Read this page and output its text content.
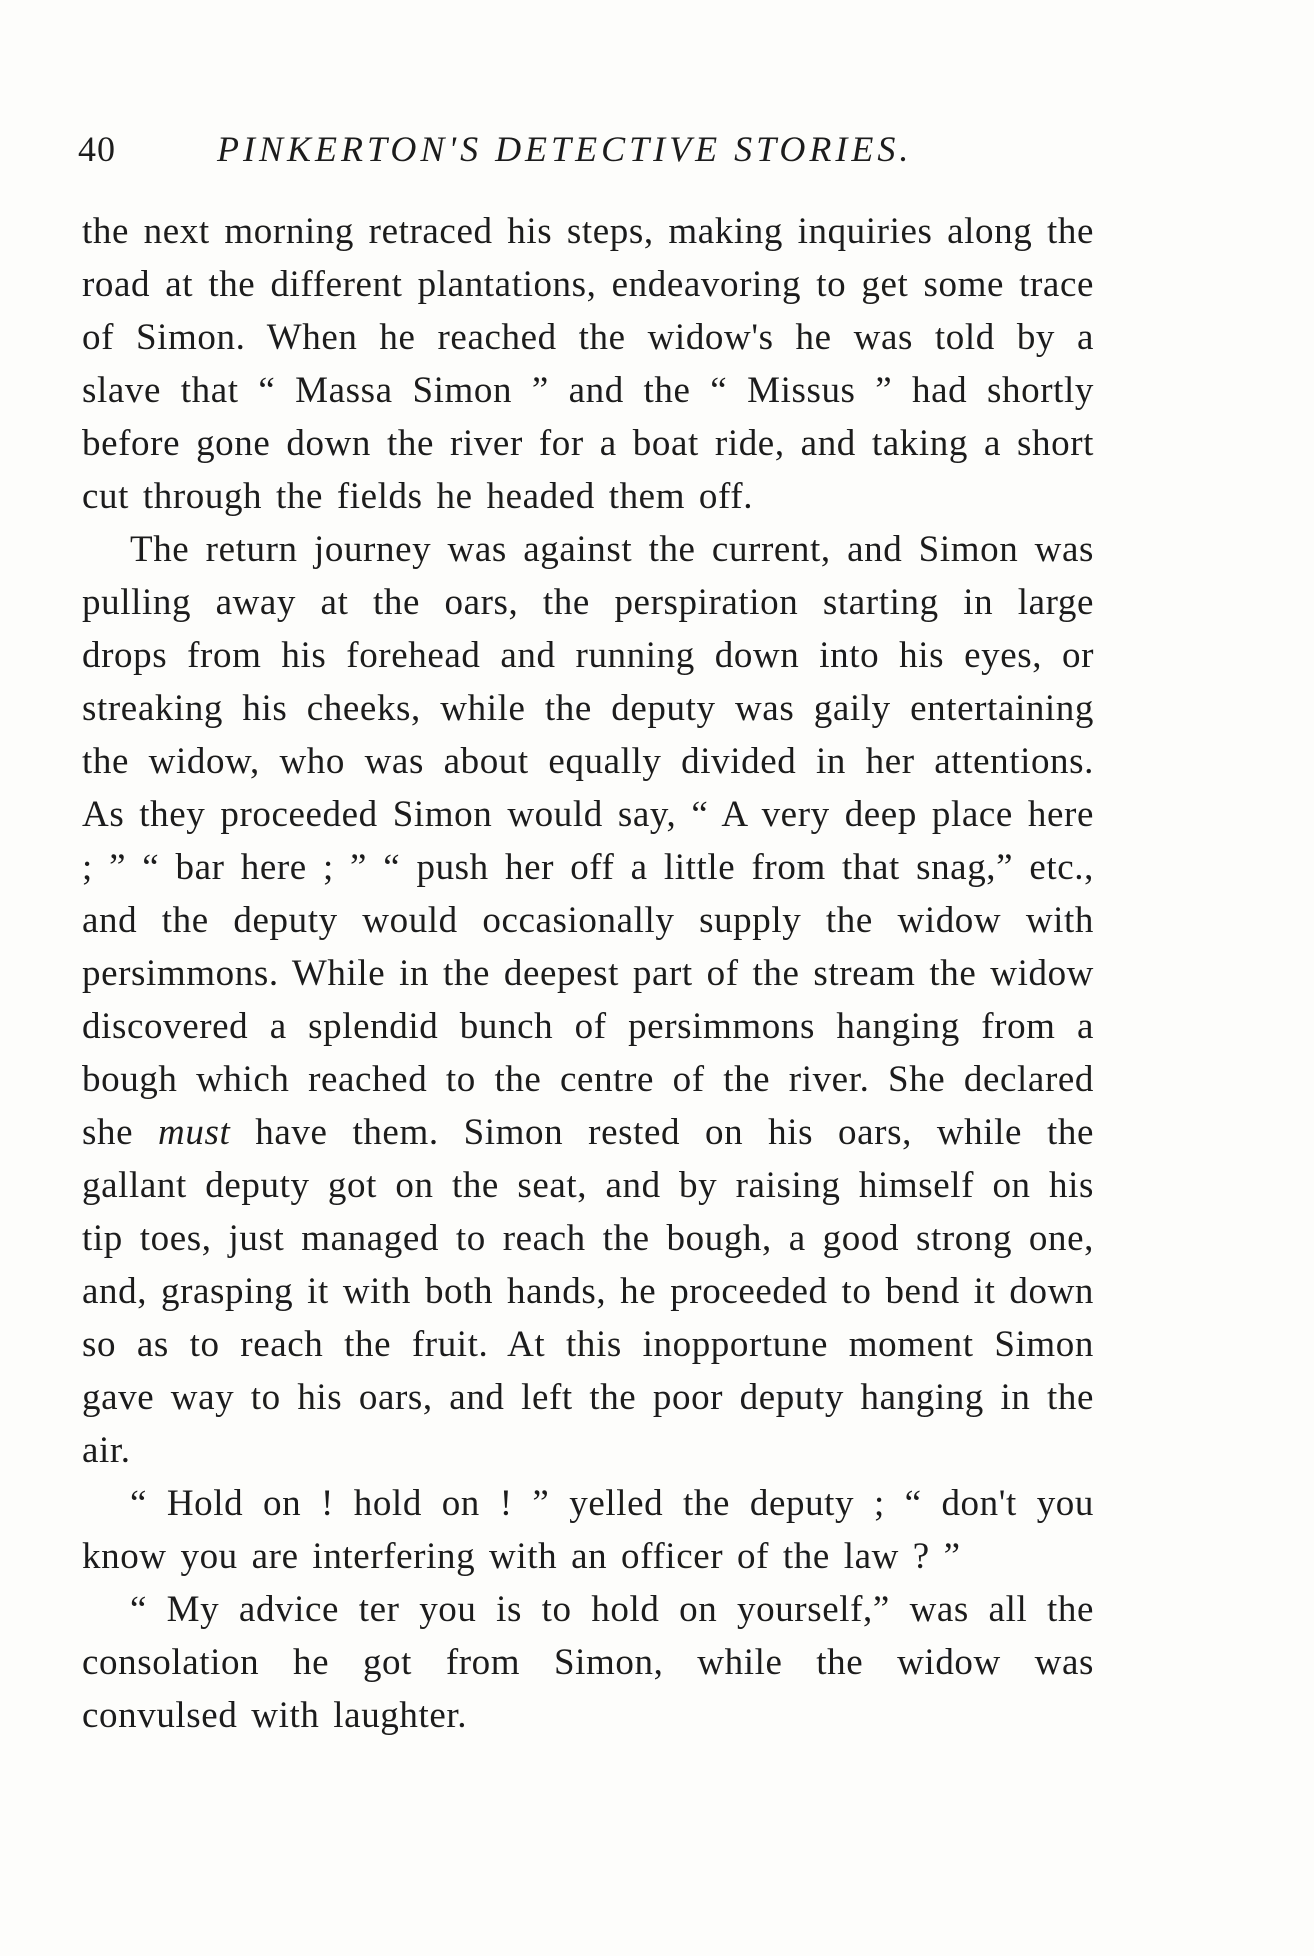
40	PINKERTON'S DETECTIVE STORIES.

the next morning retraced his steps, making inquiries along the road at the different plantations, endeavoring to get some trace of Simon. When he reached the widow's he was told by a slave that “ Massa Simon ” and the “ Missus ” had shortly before gone down the river for a boat ride, and taking a short cut through the fields he headed them off.

The return journey was against the current, and Simon was pulling away at the oars, the perspiration starting in large drops from his forehead and running down into his eyes, or streaking his cheeks, while the deputy was gaily entertaining the widow, who was about equally divided in her attentions. As they proceeded Simon would say, “ A very deep place here ; ” “ bar here ; ” “ push her off a little from that snag,” etc., and the deputy would occasionally supply the widow with persimmons. While in the deepest part of the stream the widow discovered a splendid bunch of persimmons hanging from a bough which reached to the centre of the river. She declared she must have them. Simon rested on his oars, while the gallant deputy got on the seat, and by raising himself on his tip toes, just managed to reach the bough, a good strong one, and, grasping it with both hands, he proceeded to bend it down so as to reach the fruit. At this inopportune moment Simon gave way to his oars, and left the poor deputy hanging in the air.

“ Hold on ! hold on ! ” yelled the deputy ; “ don't you know you are interfering with an officer of the law ? ”

“ My advice ter you is to hold on yourself,” was all the consolation he got from Simon, while the widow was convulsed with laughter.
